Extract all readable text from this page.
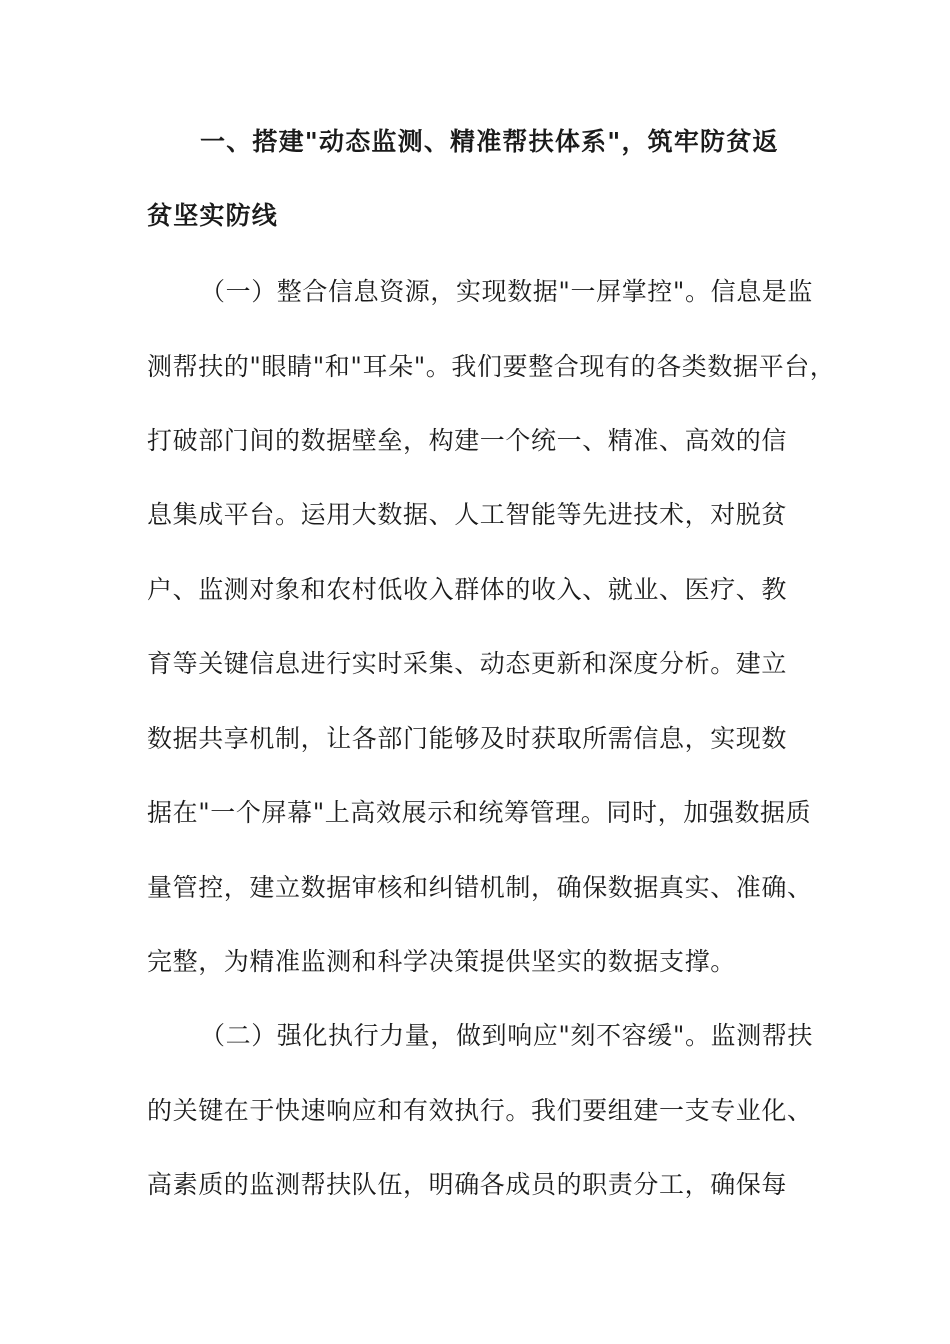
一、搭建"动态监测、精准帮扶体系"，筑牢防贫返
贫坚实防线
（一）整合信息资源，实现数据"一屏掌控"。信息是监
测帮扶的"眼睛"和"耳朵"。我们要整合现有的各类数据平台，
打破部门间的数据壁垒，构建一个统一、精准、高效的信
息集成平台。运用大数据、人工智能等先进技术，对脱贫
户、监测对象和农村低收入群体的收入、就业、医疗、教
育等关键信息进行实时采集、动态更新和深度分析。建立
数据共享机制，让各部门能够及时获取所需信息，实现数
据在"一个屏幕"上高效展示和统筹管理。同时，加强数据质
量管控，建立数据审核和纠错机制，确保数据真实、准确、
完整，为精准监测和科学决策提供坚实的数据支撑。
（二）强化执行力量，做到响应"刻不容缓"。监测帮扶
的关键在于快速响应和有效执行。我们要组建一支专业化、
高素质的监测帮扶队伍，明确各成员的职责分工，确保每
